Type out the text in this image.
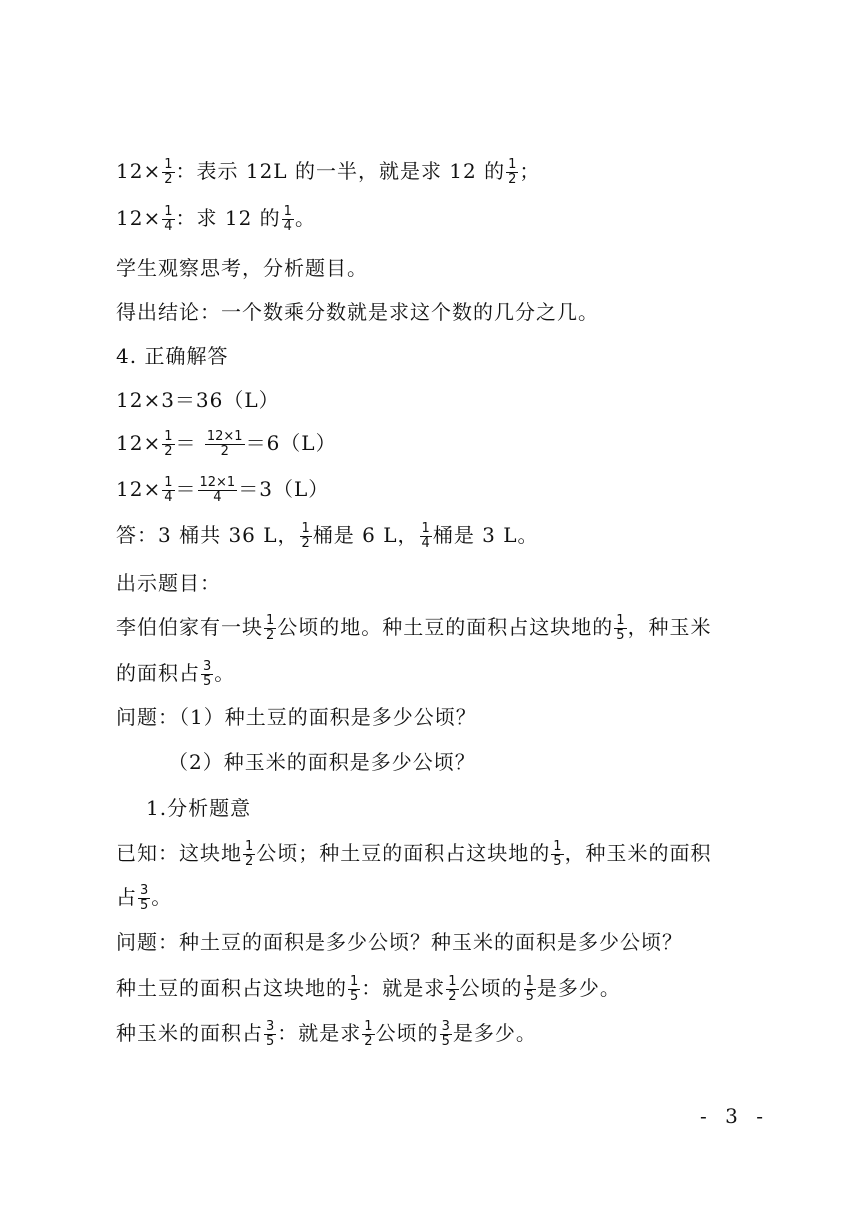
$12\times \frac{1}{2}$ ：表示 12L 的一半，就是求 12 的 $\frac{1}{2}$ ；
$12\times \frac{1}{4}$ ：求 12 的 $\frac{1}{4}$ 。
学生观察思考，分析题目。
得出结论：一个数乘分数就是求这个数的几分之几。
4. 正确解答
12×3＝36（L）
$12\times \frac{1}{2} = \frac{12\times 1}{2} =6(L)$
$12\times \frac{1}{4} = \frac{12\times 1}{4} =3(L)$
答：3 桶共 36 L， $\frac{1}{2}$ 桶是 6 L， $\frac{1}{4}$ 桶是 3 L。
出示题目：
李伯伯家有一块 $\frac{1}{2}$ 公顷的地。种土豆的面积占这块地的 $\frac{1}{5}$ ，种玉米
的面积占 $\frac{3}{5}$ 。
问题：（1）种土豆的面积是多少公顷？
（2）种玉米的面积是多少公顷？
1.分析题意
已知：这块地 $\frac{1}{2}$ 公顷；种土豆的面积占这块地的 $\frac{1}{5}$ ，种玉米的面积
占 $\frac{3}{5}$ 。
问题：种土豆的面积是多少公顷？种玉米的面积是多少公顷？
种土豆的面积占这块地的 $\frac{1}{5}$ ：就是求 $\frac{1}{2}$ 公顷的 $\frac{1}{5}$ 是多少。
种玉米的面积占 $\frac{3}{5}$ ：就是求 $\frac{1}{2}$ 公顷的 $\frac{3}{5}$ 是多少。
- 3 -
